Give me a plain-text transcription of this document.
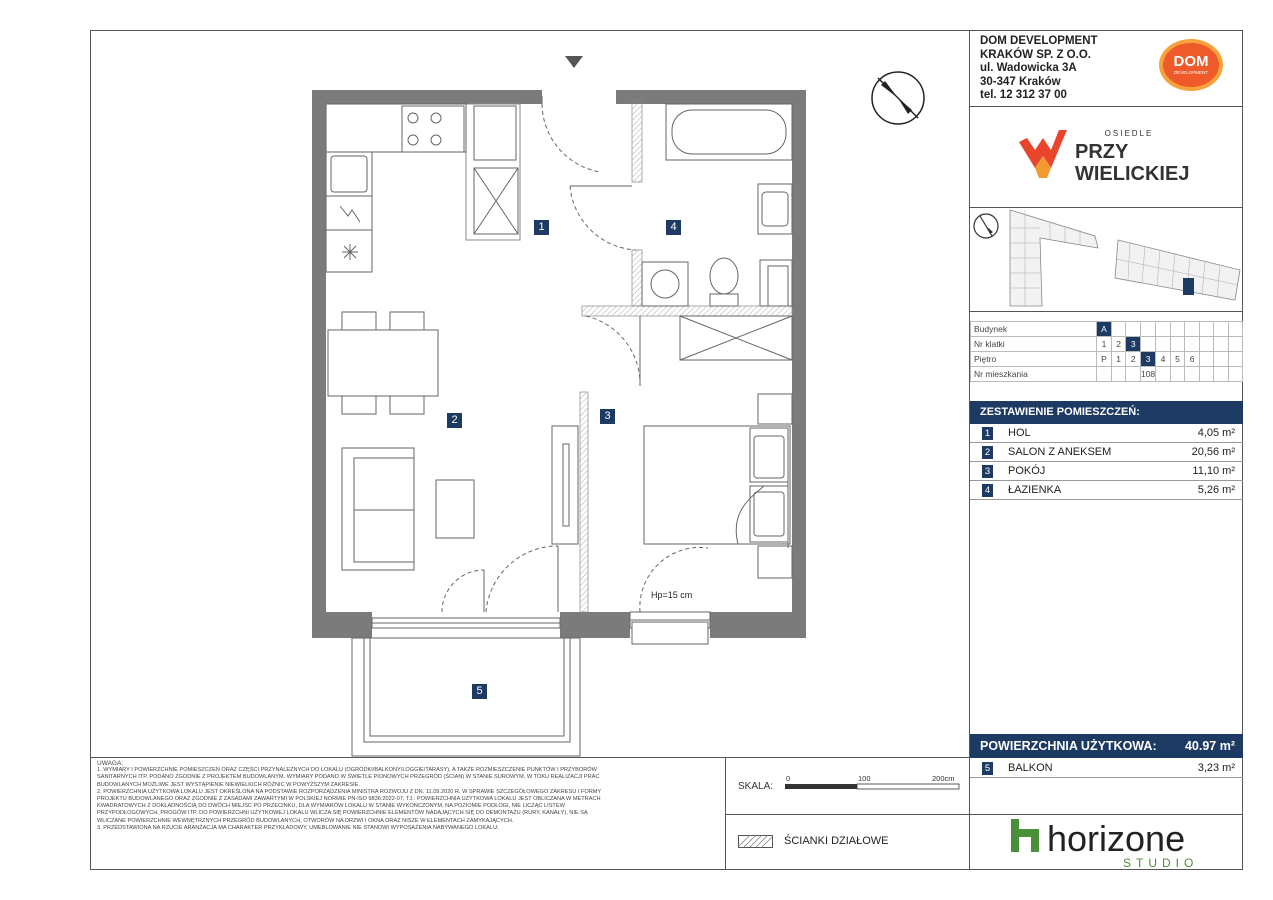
DOM DEVELOPMENT
KRAKÓW SP. Z O.O.
ul. Wadowicka 3A
30-347 Kraków
tel. 12 312 37 00
DOM
DEVELOPMENT
OSIEDLE
PRZY
WIELICKIEJ
Budynek	A									
Nr klatki	1	2	3							
Piętro	P	1	2	3	4	5	6			
Nr mieszkania				108						
ZESTAWIENIE POMIESZCZEŃ:
1 HOL	4,05 m²
2 SALON Z ANEKSEM	20,56 m²
3 POKÓJ	11,10 m²
4 ŁAZIENKA	5,26 m²
POWIERZCHNIA UŻYTKOWA: 40.97 m²
5 BALKON	3,23 m²
UWAGA:
1. WYMIARY I POWIERZCHNIE POMIESZCZEŃ ORAZ CZĘŚCI PRZYNALEŻNYCH DO LOKALU (OGRÓDKI/BALKONY/LOGGIE/TARASY), A TAKŻE ROZMIESZCZENIE PUNKTÓW I PRZYBORÓW
SANITARNYCH ITP. PODANO ZGODNIE Z PROJEKTEM BUDOWLANYM. WYMIARY PODANO W ŚWIETLE PIONOWYCH PRZEGRÓD (ŚCIAN) W STANIE SUROWYM. W TOKU REALIZACJI PRAC
BUDOWLANYCH MOŻLIWE JEST WYSTĄPIENIE NIEWIELKICH RÓŻNIC W POWYŻSZYM ZAKRESIE.
2. POWIERZCHNIA UŻYTKOWA LOKALU JEST OKREŚLONA NA PODSTAWIE ROZPORZĄDZENIA MINISTRA ROZWOJU Z DN. 11.09.2020 R. W SPRAWIE SZCZEGÓŁOWEGO ZAKRESU I FORMY
PROJEKTU BUDOWLANEGO ORAZ ZGODNIE Z ZASADAMI ZAWARTYMI W POLSKIEJ NORMIE PN-ISO 9836:2022-07, TJ.: POWIERZCHNIA UŻYTKOWA LOKALU JEST OBLICZANA W METRACH
KWADRATOWYCH Z DOKŁADNOŚCIĄ DO DWÓCH MIEJSC PO PRZECINKU, DLA WYMIARÓW LOKALU W STANIE WYKOŃCZONYM, NA POZIOMIE PODŁOGI, NIE LICZĄC LISTEW
PRZYPODŁOGOWYCH, PROGÓW ITP. DO POWIERZCHNI UŻYTKOWEJ LOKALU WLICZA SIĘ POWIERZCHNIE ELEMENTÓW NADAJĄCYCH SIĘ DO DEMONTAŻU (RURY, KANAŁY), NIE SĄ
WLICZANE POWIERZCHNIE WEWNĘTRZNYCH PRZEGRÓD BUDOWLANYCH, OTWORÓW NA DRZWI I OKNA ORAZ NISZE W ELEMENTACH ZAMYKAJĄCYCH.
3. PRZEDSTAWIONA NA RZUCIE ARANŻACJA MA CHARAKTER PRZYKŁADOWY, UMEBLOWANIE NIE STANOWI WYPOSAŻENIA NABYWANEGO LOKALU.
SKALA:
0	100	200cm
ŚCIANKI DZIAŁOWE	horizone
STUDIO
1
2	3
4
5
Hp=15 cm
